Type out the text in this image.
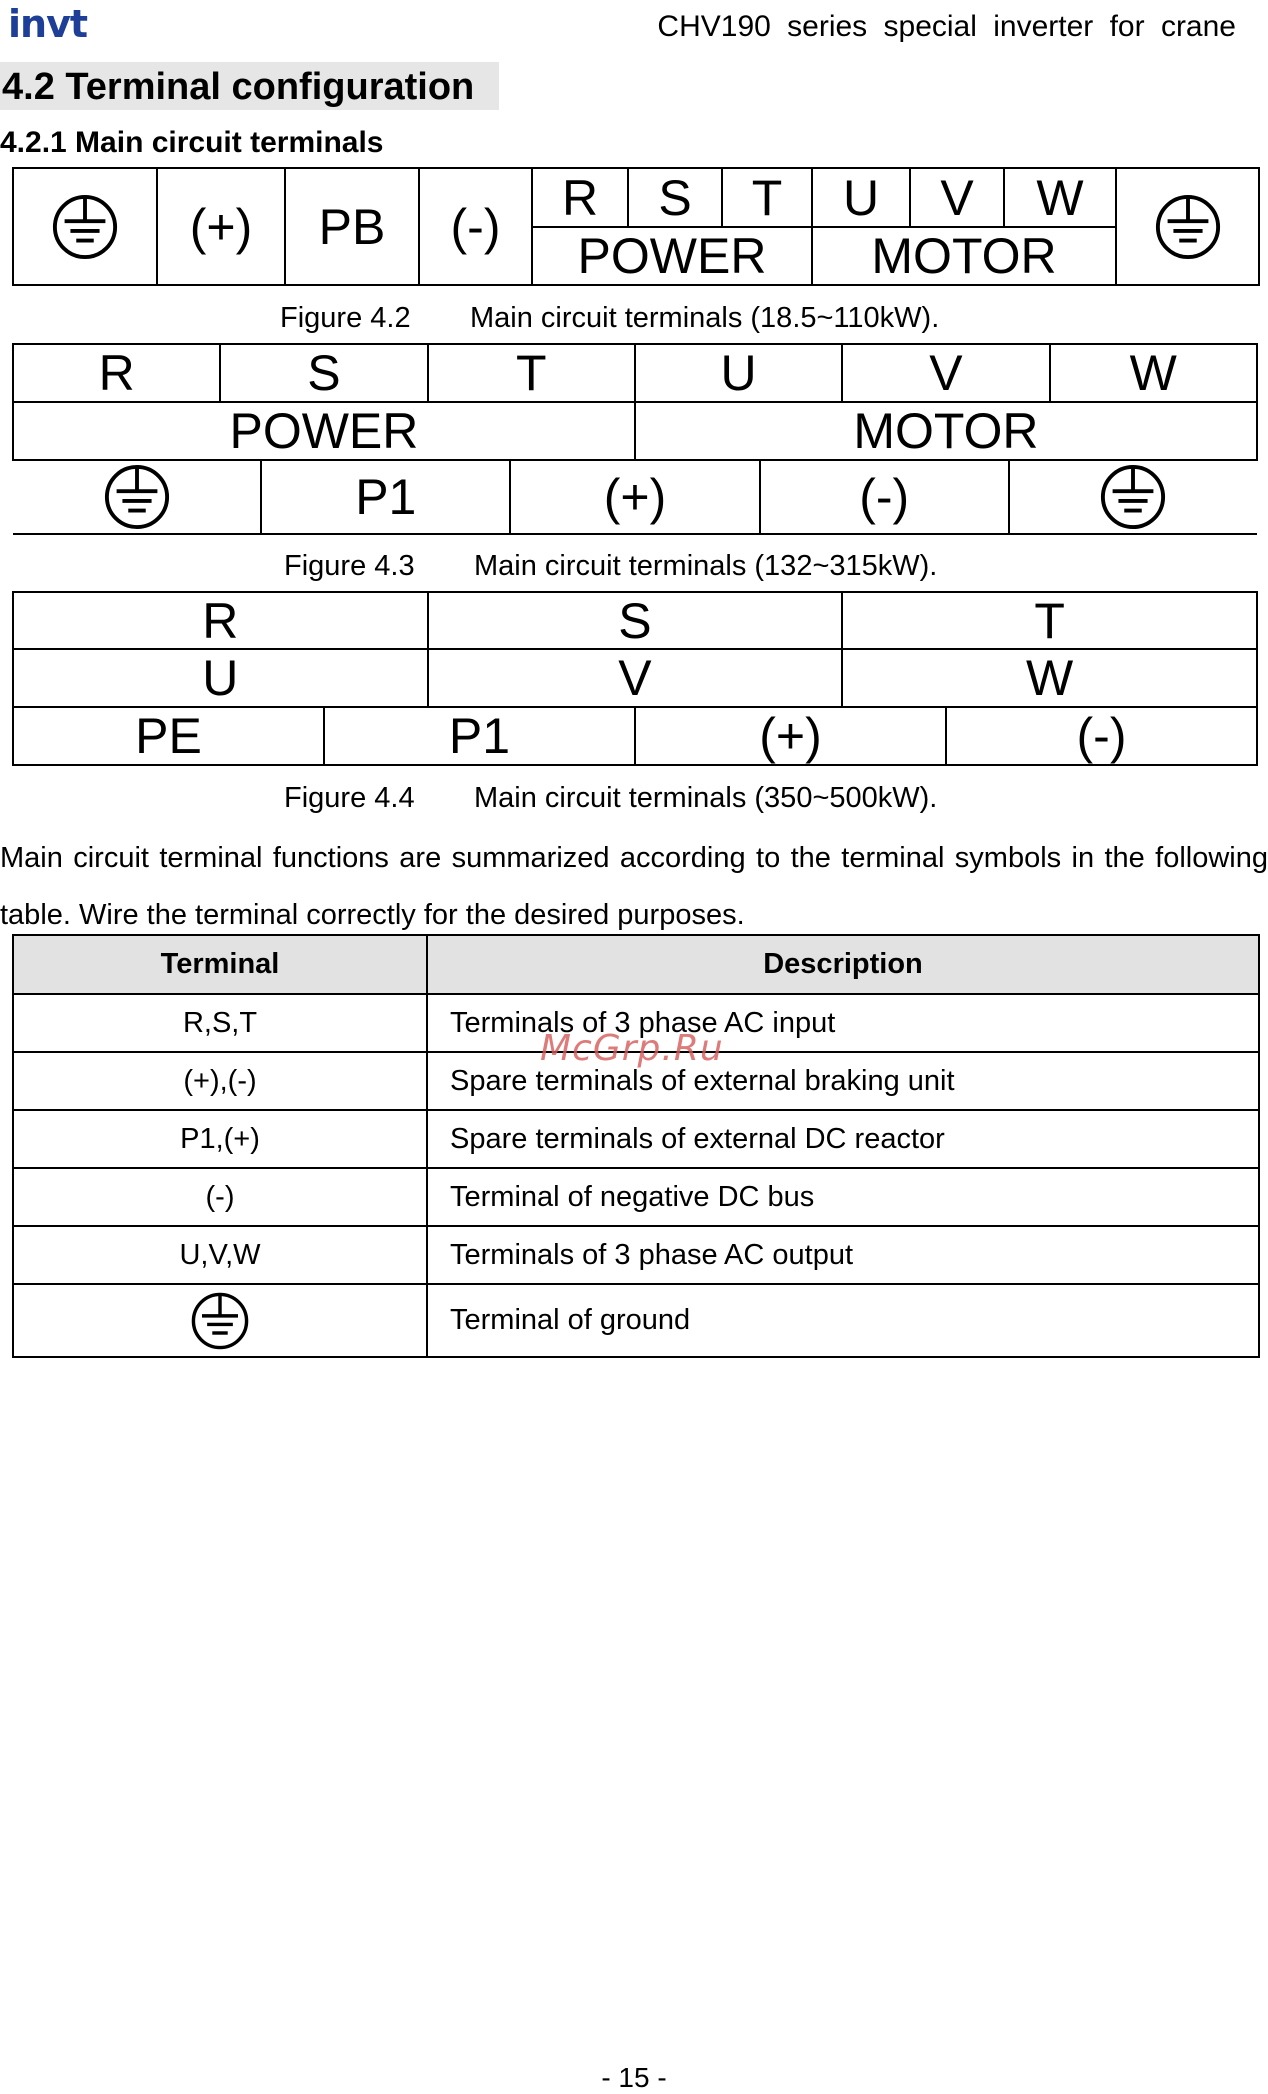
invt	CHV190 series special inverter for crane
4.2 Terminal configuration
4.2.1 Main circuit terminals
	(+)	PB	(-)	R	S	T	U	V	W	

				POWER			MOTOR			
Figure 4.2 Main circuit terminals (18.5~110kW).
R	S	T	U	V	W
POWER	MOTOR

	P1	(+)	(-)	
Figure 4.3 Main circuit terminals (132~315kW).
R		S		T	
U		V		W	
PE	P1		(+)		(-)
Figure 4.4 Main circuit terminals (350~500kW).
Main circuit terminal functions are summarized according to the terminal symbols in the following table. Wire the terminal correctly for the desired purposes.
Terminal	Description
R,S,T	Terminals of 3 phase AC input
(+),(-)	Spare terminals of external braking unit
P1,(+)	Spare terminals of external DC reactor
(-)	Terminal of negative DC bus
U,V,W	Terminals of 3 phase AC output

	Terminal of ground
McGrp.Ru
- 15 -
